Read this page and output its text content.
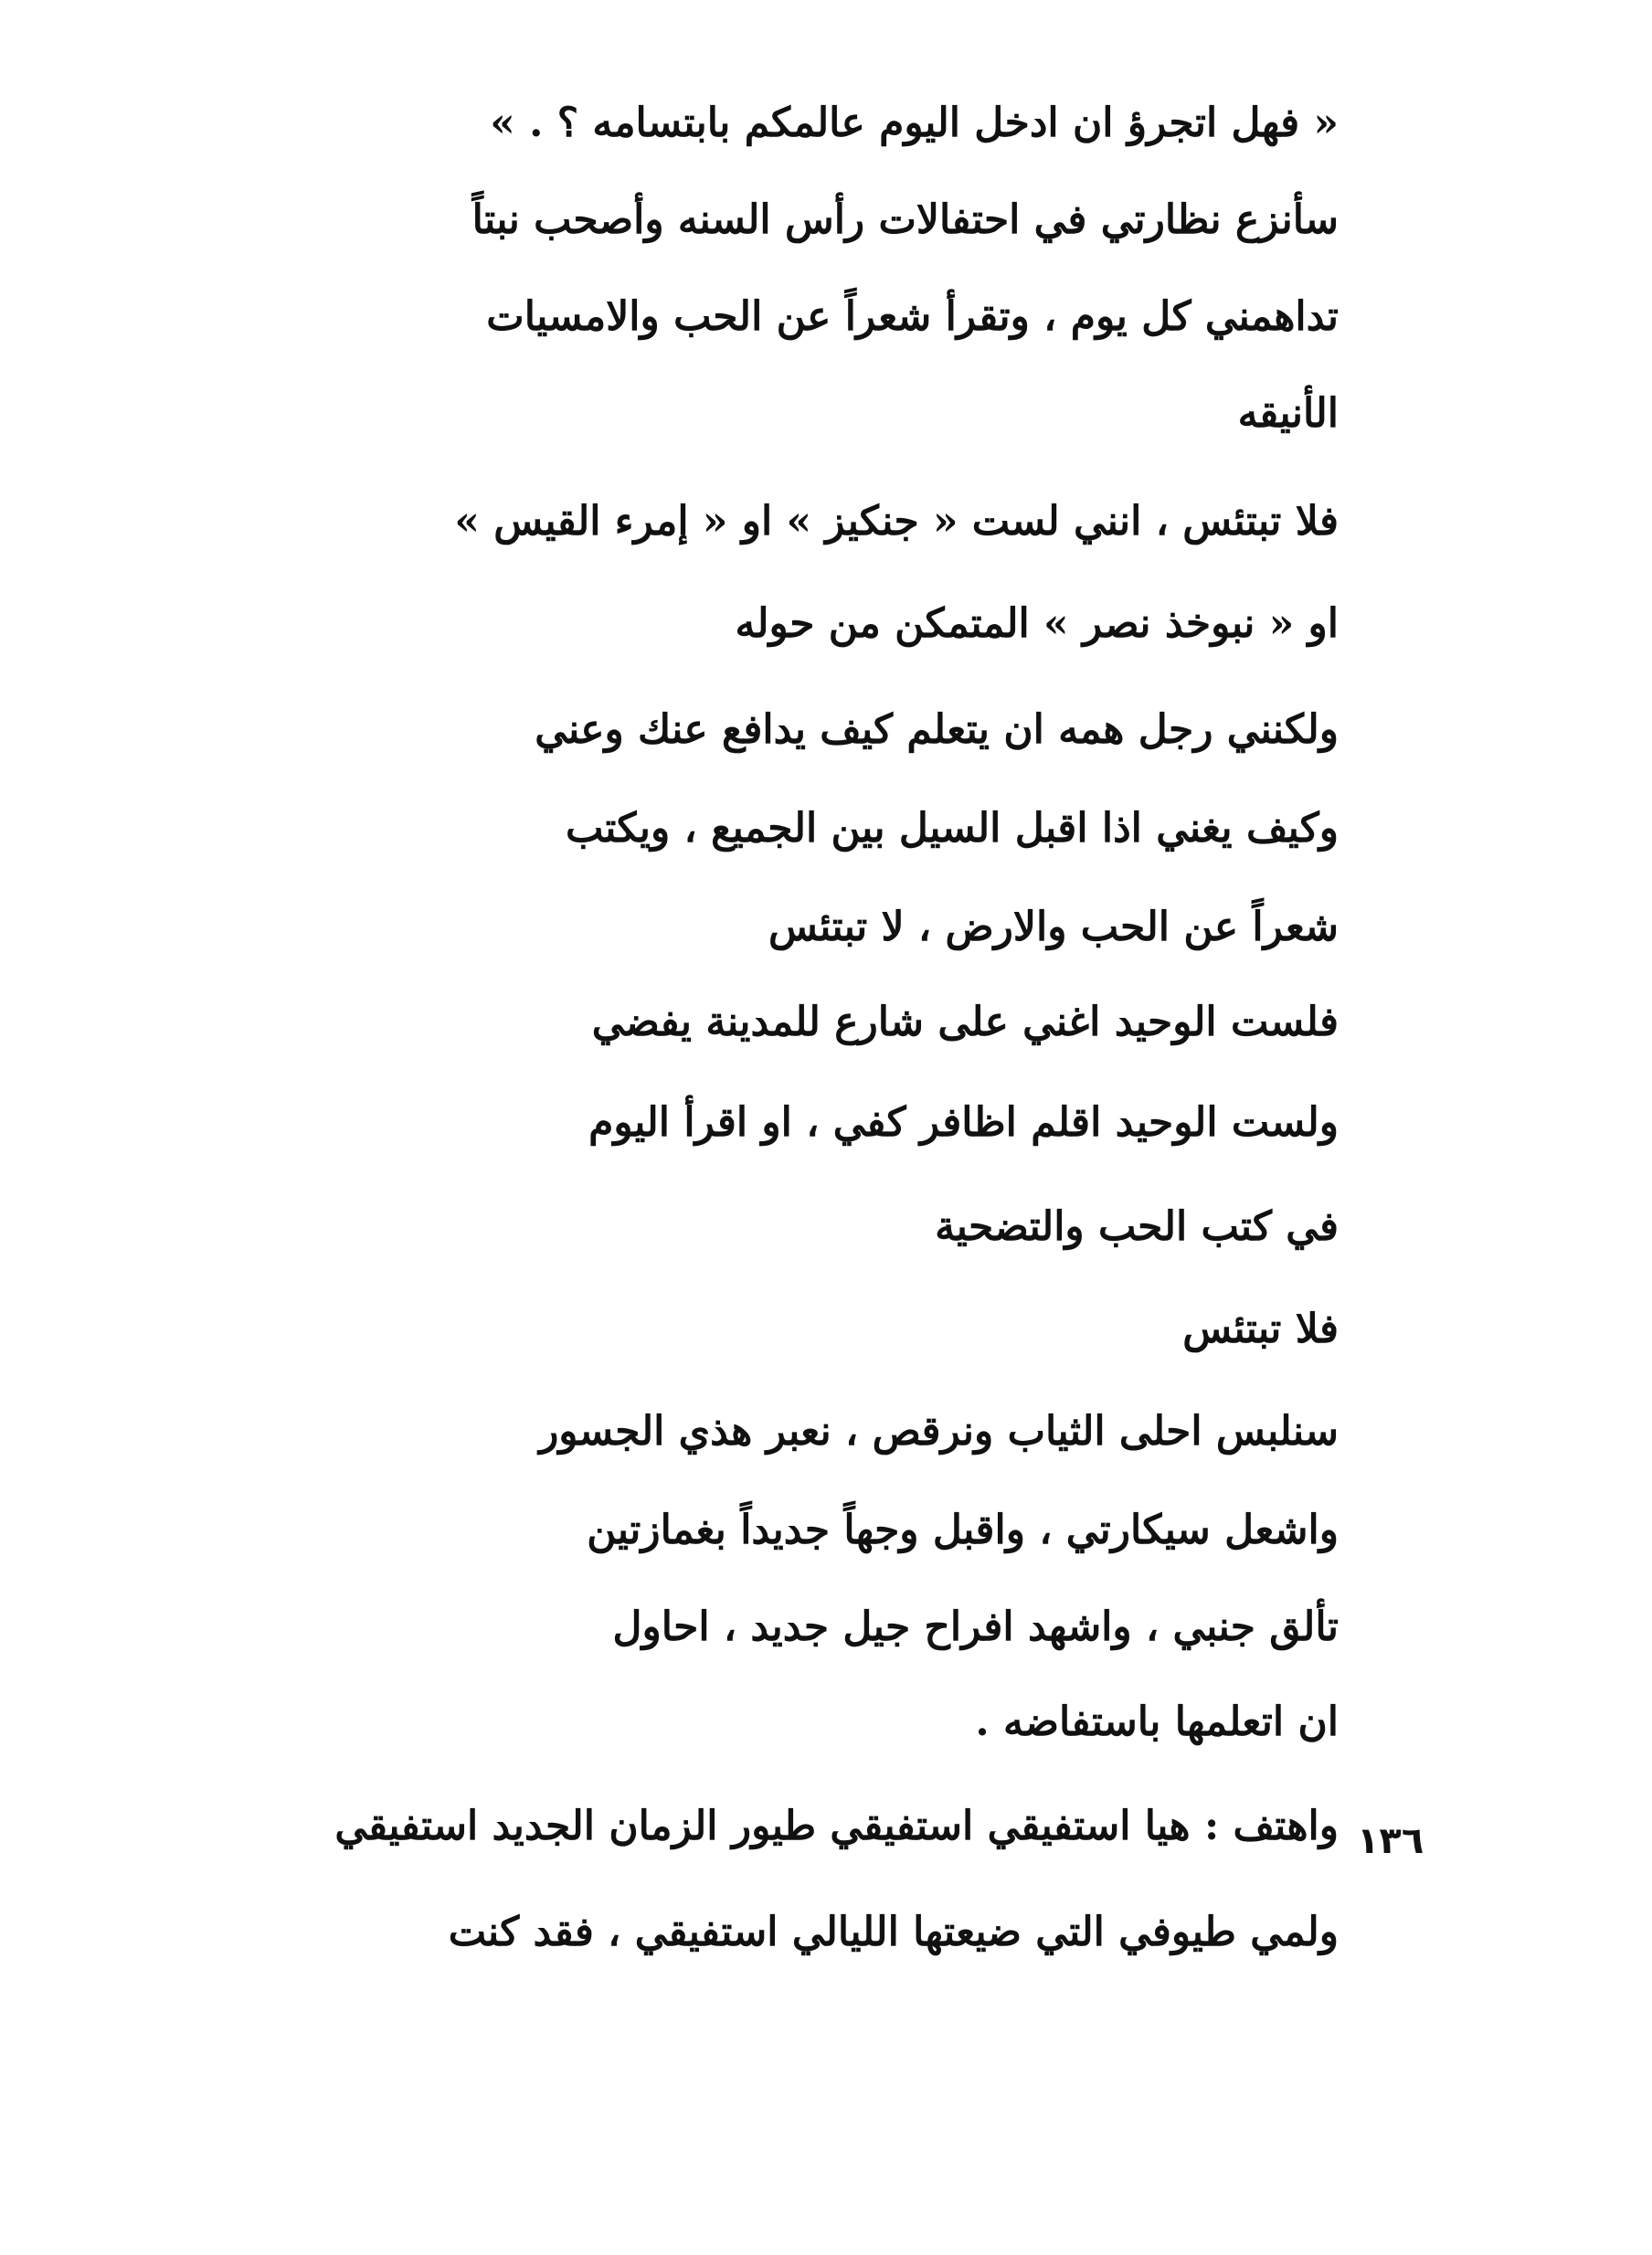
« فهل اتجرؤ ان ادخل اليوم عالمكم بابتسامه ؟ . »
سأنزع نظارتي في احتفالات رأس السنه وأصحب نبتاً
تداهمني كل يوم ، وتقرأ شعراً عن الحب والامسيات
الأنيقه
فلا تبتئس ، انني لست « جنكيز » او « إمرء القيس »
او « نبوخذ نصر » المتمكن من حوله
ولكنني رجل همه ان يتعلم كيف يدافع عنك وعني
وكيف يغني اذا اقبل السيل بين الجميع ، ويكتب
شعراً عن الحب والارض ، لا تبتئس
فلست الوحيد اغني على شارع للمدينة يفضي
ولست الوحيد اقلم اظافر كفي ، او اقرأ اليوم
في كتب الحب والتضحية
فلا تبتئس
سنلبس احلى الثياب ونرقص ، نعبر هذي الجسور
واشعل سيكارتي ، واقبل وجهاً جديداً بغمازتين
تألق جنبي ، واشهد افراح جيل جديد ، احاول
ان اتعلمها باستفاضه .
واهتف : هيا استفيقي استفيقي طيور الزمان الجديد استفيقي
ولمي طيوفي التي ضيعتها الليالي استفيقي ، فقد كنت
١٣٦
